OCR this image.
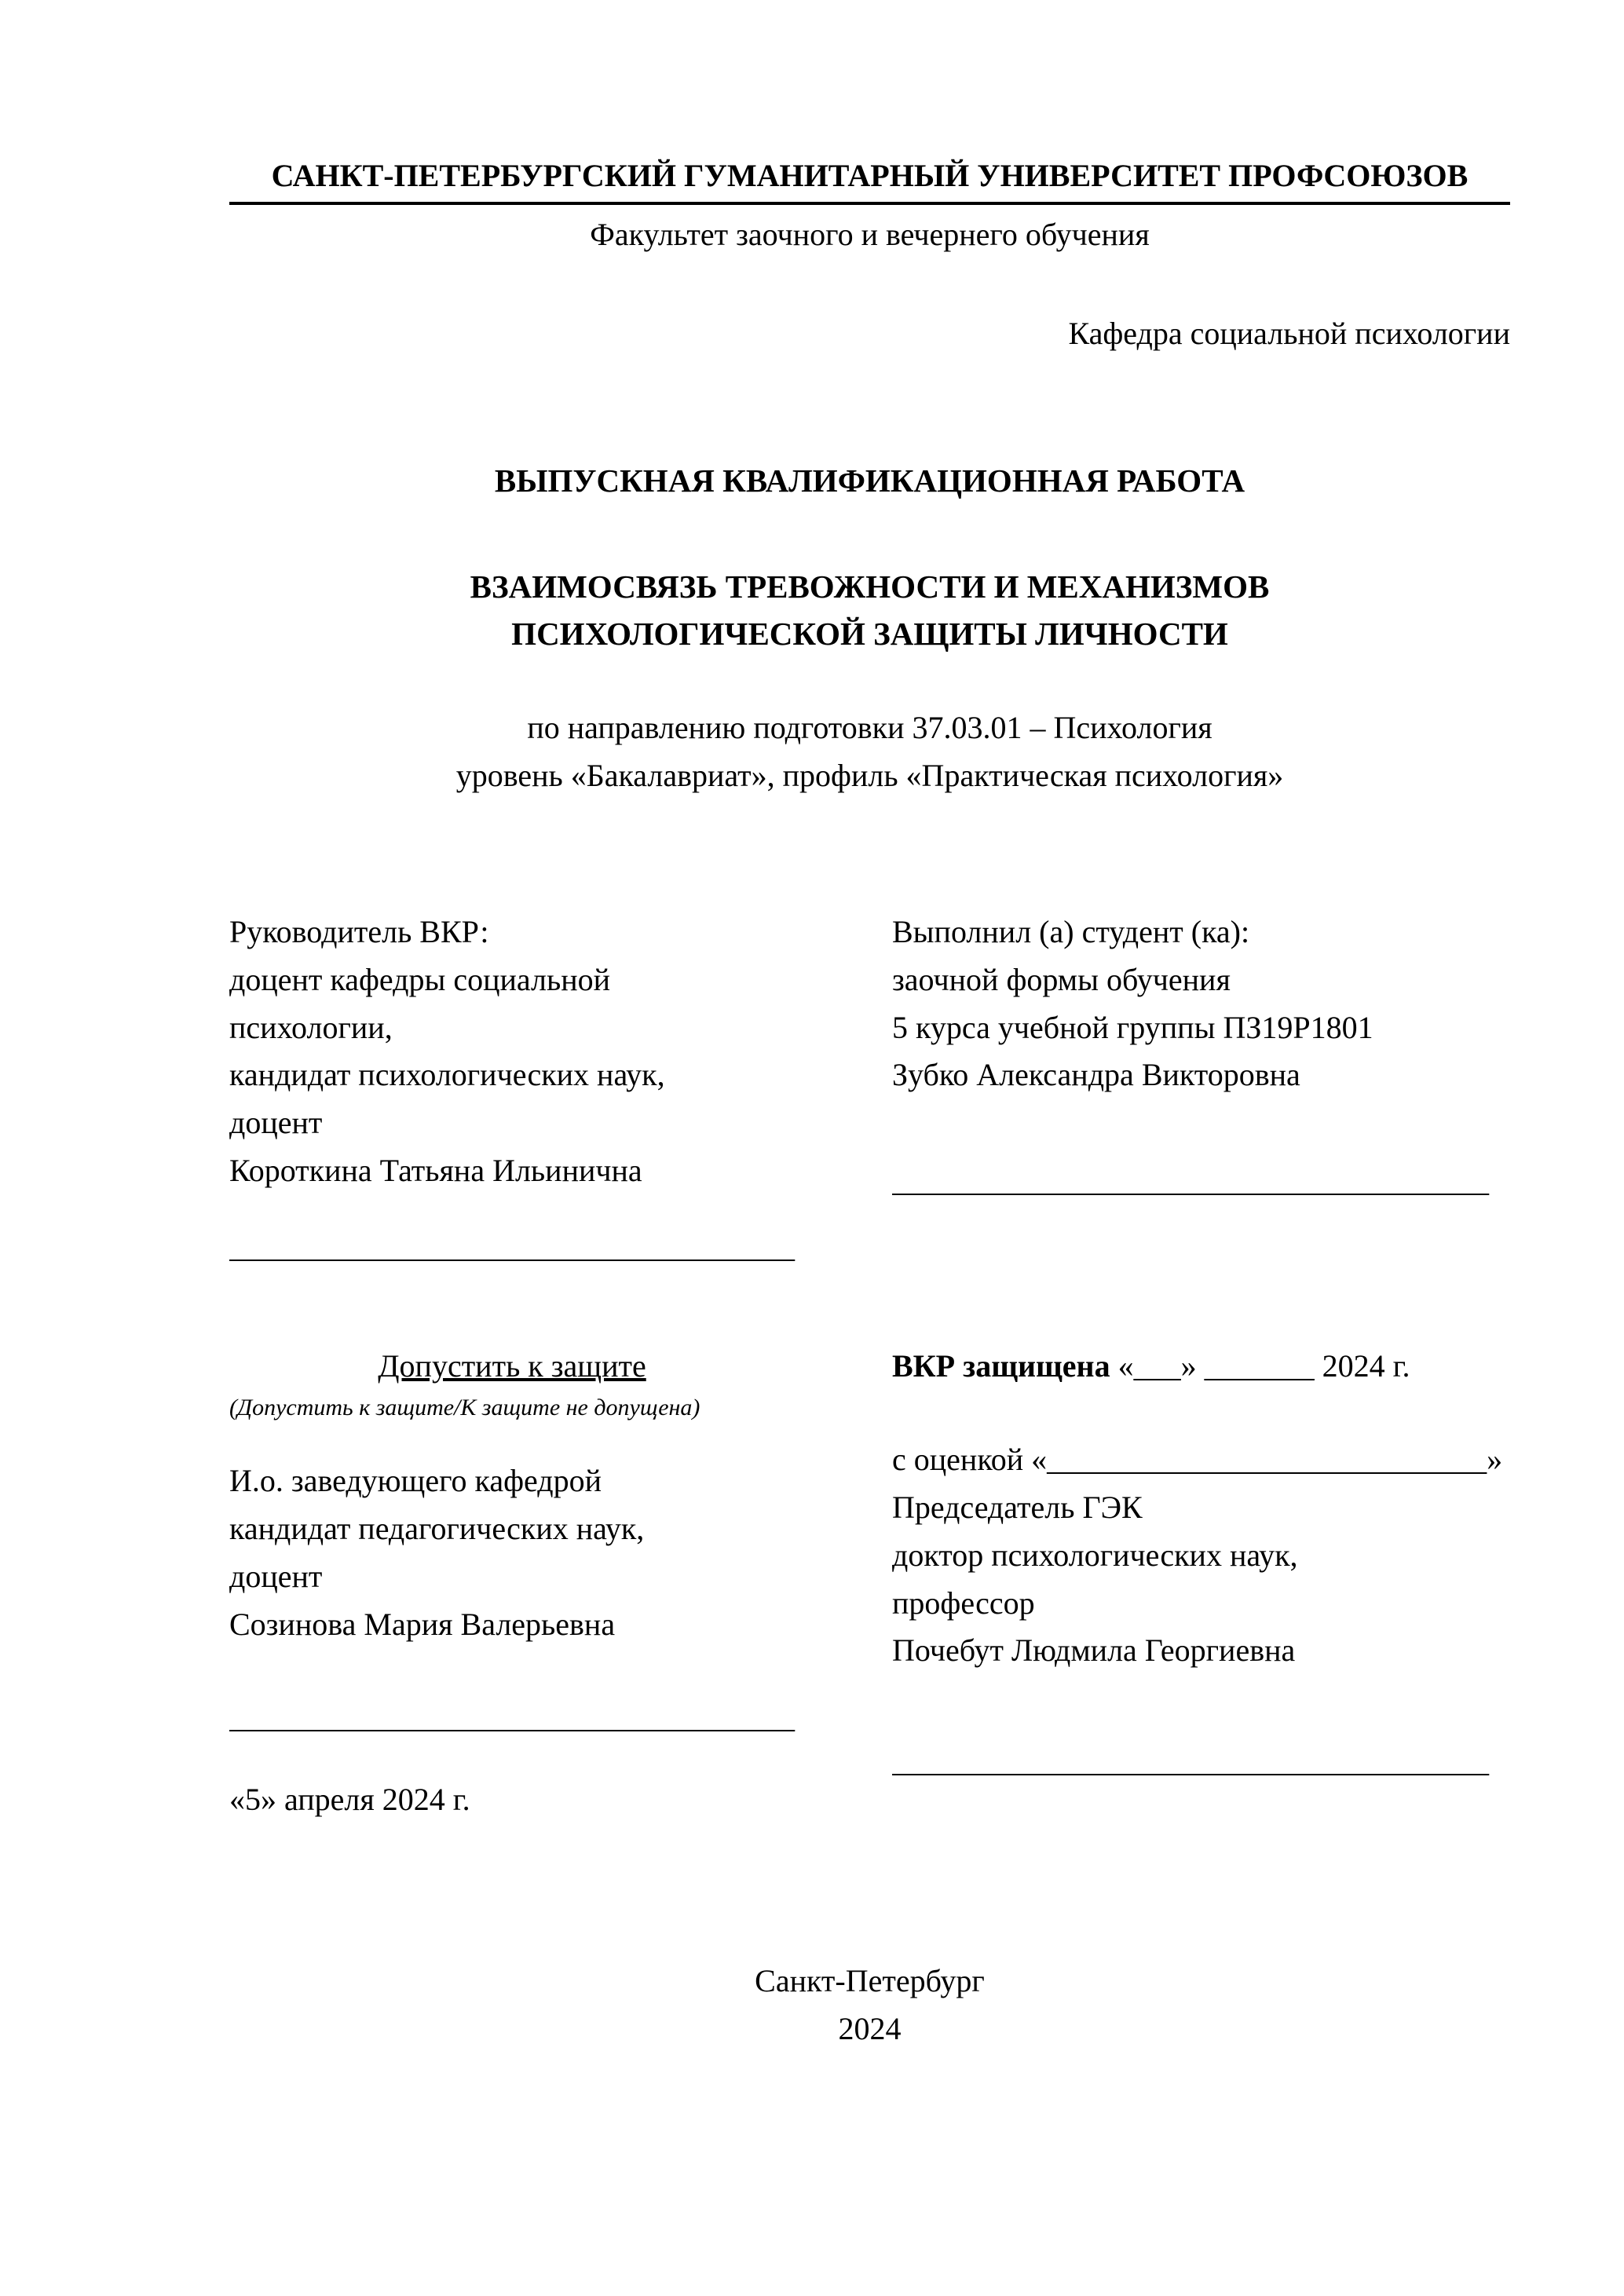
САНКТ-ПЕТЕРБУРГСКИЙ ГУМАНИТАРНЫЙ УНИВЕРСИТЕТ ПРОФСОЮЗОВ
Факультет заочного и вечернего обучения
Кафедра социальной психологии
ВЫПУСКНАЯ КВАЛИФИКАЦИОННАЯ РАБОТА
ВЗАИМОСВЯЗЬ ТРЕВОЖНОСТИ И МЕХАНИЗМОВ
ПСИХОЛОГИЧЕСКОЙ ЗАЩИТЫ ЛИЧНОСТИ
по направлению подготовки 37.03.01 – Психология
уровень «Бакалавриат», профиль «Практическая психология»
Руководитель ВКР:
доцент кафедры социальной
психологии,
кандидат психологических наук,
доцент
Короткина Татьяна Ильинична
____________________________________
Выполнил (а) студент (ка):
заочной формы обучения
5 курса учебной группы ПЗ19Р1801
Зубко Александра Викторовна
______________________________________
Допустить к защите
(Допустить к защите/К защите не допущена)
И.о. заведующего кафедрой
кандидат педагогических наук,
доцент
Созинова Мария Валерьевна
____________________________________
«5» апреля 2024 г.
ВКР защищена «___» _______ 2024 г.
с оценкой «____________________________»
Председатель ГЭК
доктор психологических наук,
профессор
Почебут Людмила Георгиевна
______________________________________
Санкт-Петербург
2024
